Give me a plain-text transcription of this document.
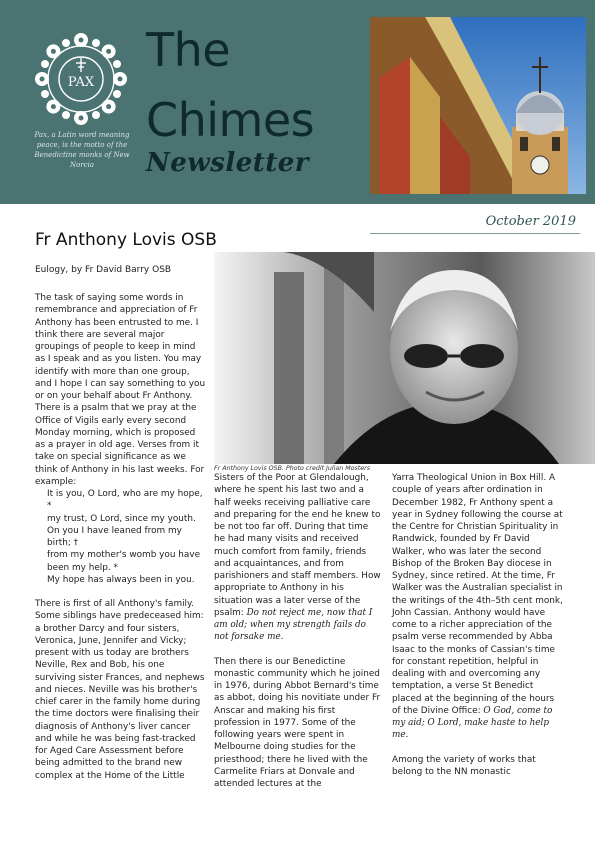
PAX
Pax, a Latin word meaning peace, is the motto of the Benedictine monks of New Norcia
The
Chimes
Newsletter
October 2019
Fr Anthony Lovis OSB
Eulogy, by Fr David Barry OSB
Fr Anthony Lovis OSB. Photo credit Julian Mosters

The task of saying some words in remembrance and appreciation of Fr Anthony has been entrusted to me. I think there are several major groupings of people to keep in mind as I speak and as you listen. You may identify with more than one group, and I hope I can say something to you or on your behalf about Fr Anthony. There is a psalm that we pray at the Office of Vigils early every second Monday morning, which is proposed as a prayer in old age. Verses from it take on special significance as we think of Anthony in his last weeks. For example:

It is you, O Lord, who are my hope, *
my trust, O Lord, since my youth.
On you I have leaned from my birth; †
from my mother's womb you have been my help. *
My hope has always been in you.

There is first of all Anthony's family. Some siblings have predeceased him: a brother Darcy and four sisters, Veronica, June, Jennifer and Vicky; present with us today are brothers Neville, Rex and Bob, his one surviving sister Frances, and nephews and nieces. Neville was his brother's chief carer in the family home during the time doctors were finalising their diagnosis of Anthony's liver cancer and while he was being fast-tracked for Aged Care Assessment before being admitted to the brand new complex at the Home of the Little

Sisters of the Poor at Glendalough, where he spent his last two and a half weeks receiving palliative care and preparing for the end he knew to be not too far off. During that time he had many visits and received much comfort from family, friends and acquaintances, and from parishioners and staff members. How appropriate to Anthony in his situation was a later verse of the psalm: Do not reject me, now that I am old; when my strength fails do not forsake me.

Then there is our Benedictine monastic community which he joined in 1976, during Abbot Bernard's time as abbot, doing his novitiate under Fr Anscar and making his first profession in 1977. Some of the following years were spent in Melbourne doing studies for the priesthood; there he lived with the Carmelite Friars at Donvale and attended lectures at the

Yarra Theological Union in Box Hill. A couple of years after ordination in December 1982, Fr Anthony spent a year in Sydney following the course at the Centre for Christian Spirituality in Randwick, founded by Fr David Walker, who was later the second Bishop of the Broken Bay diocese in Sydney, since retired. At the time, Fr Walker was the Australian specialist in the writings of the 4th–5th cent monk, John Cassian. Anthony would have come to a richer appreciation of the psalm verse recommended by Abba Isaac to the monks of Cassian's time for constant repetition, helpful in dealing with and overcoming any temptation, a verse St Benedict placed at the beginning of the hours of the Divine Office: O God, come to my aid; O Lord, make haste to help me.

Among the variety of works that belong to the NN monastic
